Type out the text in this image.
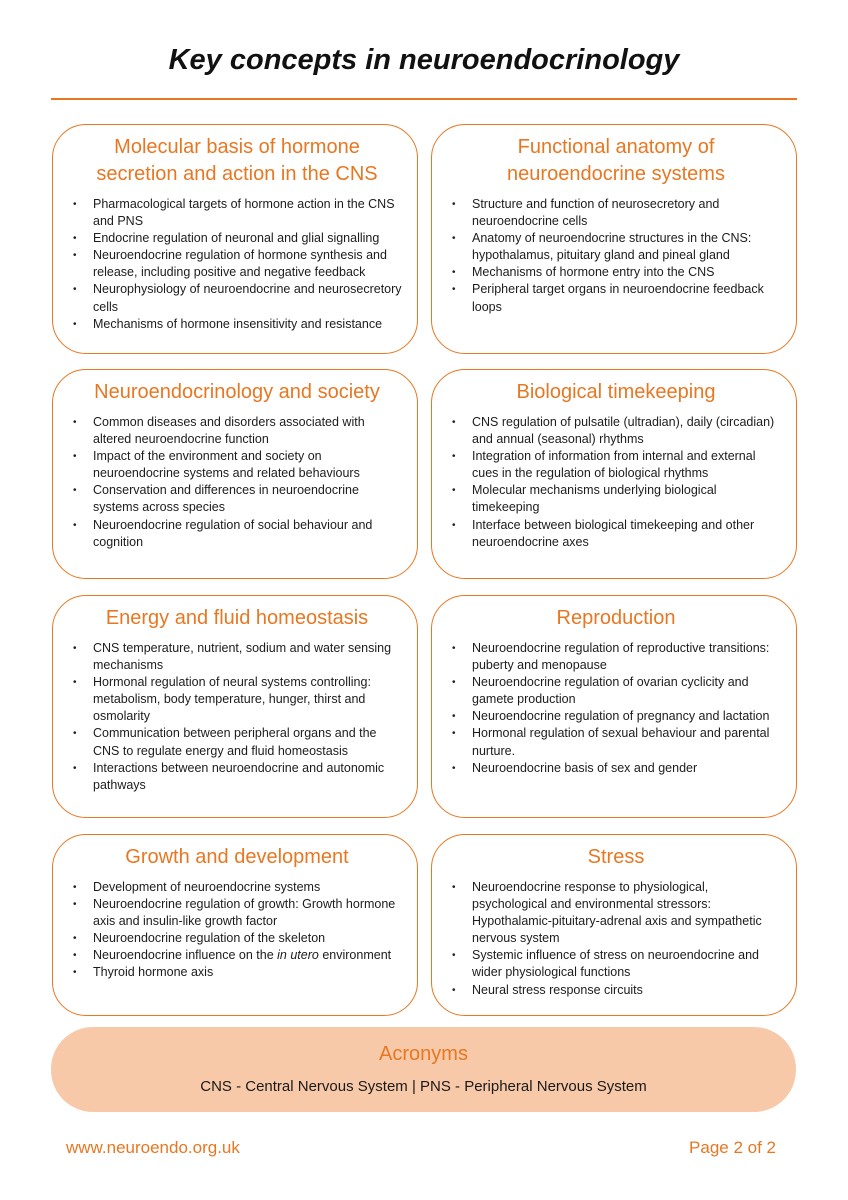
Key concepts in neuroendocrinology
Molecular basis of hormone
secretion and action in the CNS
• Pharmacological targets of hormone action in the CNS and PNS
• Endocrine regulation of neuronal and glial signalling
• Neuroendocrine regulation of hormone synthesis and release, including positive and negative feedback
• Neurophysiology of neuroendocrine and neurosecretory cells
• Mechanisms of hormone insensitivity and resistance
Functional anatomy of
neuroendocrine systems
• Structure and function of neurosecretory and neuroendocrine cells
• Anatomy of neuroendocrine structures in the CNS: hypothalamus, pituitary gland and pineal gland
• Mechanisms of hormone entry into the CNS
• Peripheral target organs in neuroendocrine feedback loops
Neuroendocrinology and society
• Common diseases and disorders associated with altered neuroendocrine function
• Impact of the environment and society on neuroendocrine systems and related behaviours
• Conservation and differences in neuroendocrine systems across species
• Neuroendocrine regulation of social behaviour and cognition
Biological timekeeping
• CNS regulation of pulsatile (ultradian), daily (circadian) and annual (seasonal) rhythms
• Integration of information from internal and external cues in the regulation of biological rhythms
• Molecular mechanisms underlying biological timekeeping
• Interface between biological timekeeping and other neuroendocrine axes
Energy and fluid homeostasis
• CNS temperature, nutrient, sodium and water sensing mechanisms
• Hormonal regulation of neural systems controlling: metabolism, body temperature, hunger, thirst and osmolarity
• Communication between peripheral organs and the CNS to regulate energy and fluid homeostasis
• Interactions between neuroendocrine and autonomic pathways
Reproduction
• Neuroendocrine regulation of reproductive transitions: puberty and menopause
• Neuroendocrine regulation of ovarian cyclicity and gamete production
• Neuroendocrine regulation of pregnancy and lactation
• Hormonal regulation of sexual behaviour and parental nurture.
• Neuroendocrine basis of sex and gender
Growth and development
• Development of neuroendocrine systems
• Neuroendocrine regulation of growth: Growth hormone axis and insulin-like growth factor
• Neuroendocrine regulation of the skeleton
• Neuroendocrine influence on the in utero environment
• Thyroid hormone axis
Stress
• Neuroendocrine response to physiological, psychological and environmental stressors: Hypothalamic-pituitary-adrenal axis and sympathetic nervous system
• Systemic influence of stress on neuroendocrine and wider physiological functions
• Neural stress response circuits
Acronyms

CNS - Central Nervous System | PNS - Peripheral Nervous System

www.neuroendo.org.uk	Page 2 of 2
